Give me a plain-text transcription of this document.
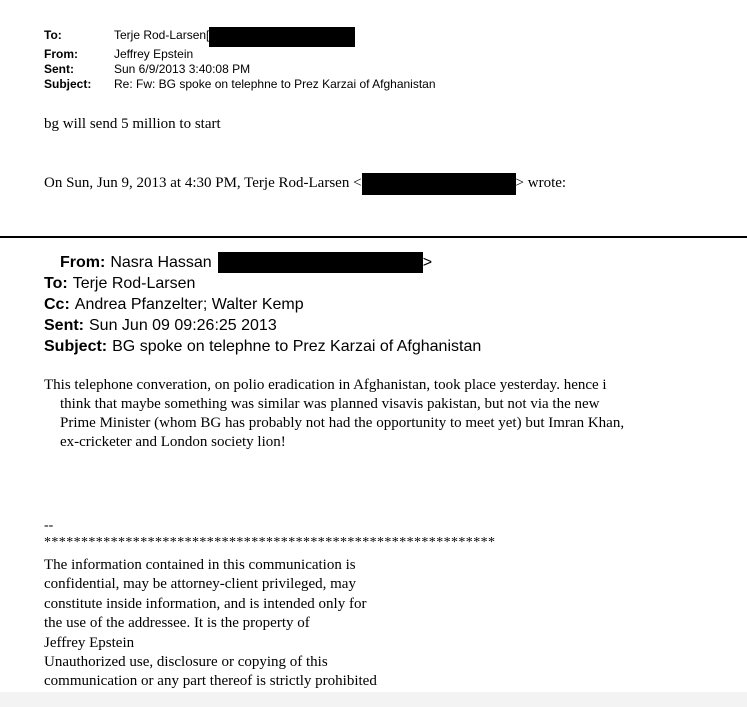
To:	Terje Rod-Larsen[
From:	Jeffrey Epstein
Sent:	Sun 6/9/2013 3:40:08 PM
Subject:	Re: Fw: BG spoke on telephne to Prez Karzai of Afghanistan
bg will send 5 million to start
On Sun, Jun 9, 2013 at 4:30 PM, Terje Rod-Larsen <	> wrote:
From: Nasra Hassan	>
To: Terje Rod-Larsen
Cc: Andrea Pfanzelter; Walter Kemp
Sent: Sun Jun 09 09:26:25 2013
Subject: BG spoke on telephne to Prez Karzai of Afghanistan
This telephone converation, on polio eradication in Afghanistan, took place yesterday. hence i
think that maybe something was similar was planned visavis pakistan, but not via the new
Prime Minister (whom BG has probably not had the opportunity to meet yet) but Imran Khan,
ex-cricketer and London society lion!
--
*************************************************************
The information contained in this communication is
confidential, may be attorney-client privileged, may
constitute inside information, and is intended only for
the use of the addressee. It is the property of
Jeffrey Epstein
Unauthorized use, disclosure or copying of this
communication or any part thereof is strictly prohibited
